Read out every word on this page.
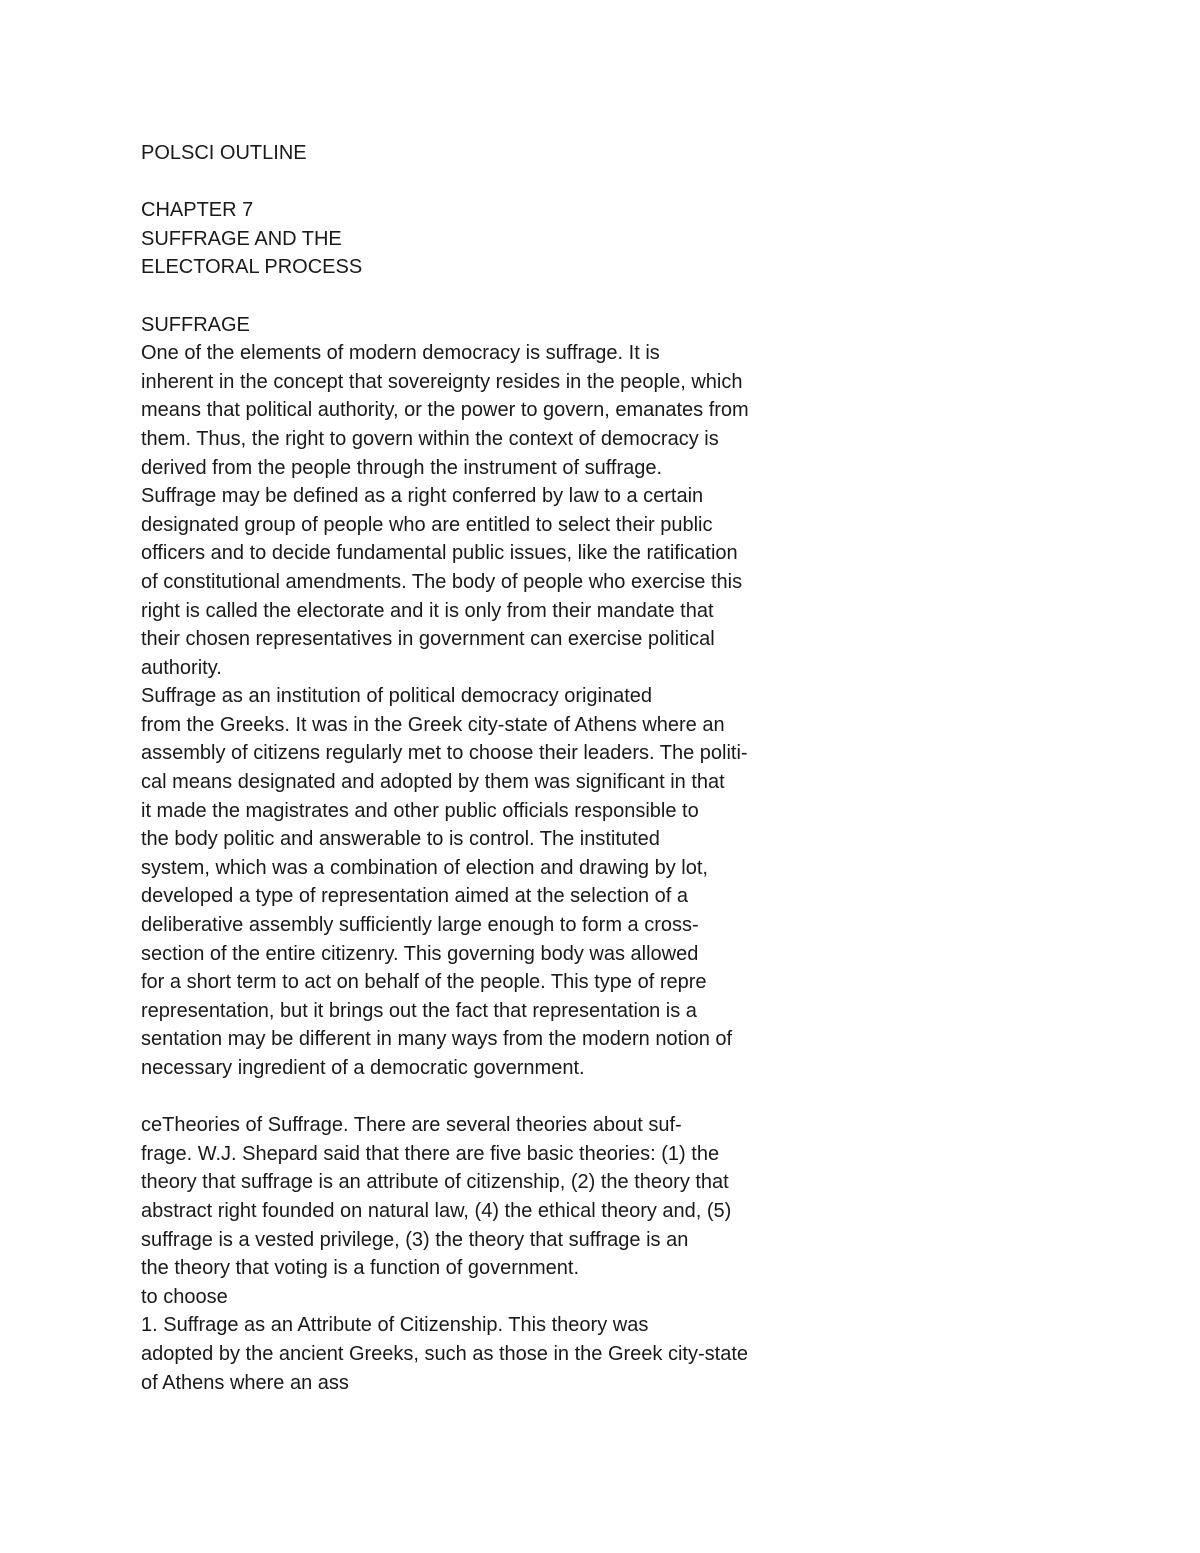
POLSCI OUTLINE
CHAPTER 7
SUFFRAGE AND THE
ELECTORAL PROCESS
SUFFRAGE
One of the elements of modern democracy is suffrage. It is
inherent in the concept that sovereignty resides in the people, which
means that political authority, or the power to govern, emanates from
them. Thus, the right to govern within the context of democracy is
derived from the people through the instrument of suffrage.
Suffrage may be defined as a right conferred by law to a certain
designated group of people who are entitled to select their public
officers and to decide fundamental public issues, like the ratification
of constitutional amendments. The body of people who exercise this
right is called the electorate and it is only from their mandate that
their chosen representatives in government can exercise political
authority.
Suffrage as an institution of political democracy originated
from the Greeks. It was in the Greek city-state of Athens where an
assembly of citizens regularly met to choose their leaders. The politi-
cal means designated and adopted by them was significant in that
it made the magistrates and other public officials responsible to
the body politic and answerable to is control. The instituted
system, which was a combination of election and drawing by lot,
developed a type of representation aimed at the selection of a
deliberative assembly sufficiently large enough to form a cross-
section of the entire citizenry. This governing body was allowed
for a short term to act on behalf of the people. This type of repre
representation, but it brings out the fact that representation is a
sentation may be different in many ways from the modern notion of
necessary ingredient of a democratic government.
ceTheories of Suffrage. There are several theories about suf-
frage. W.J. Shepard said that there are five basic theories: (1) the
theory that suffrage is an attribute of citizenship, (2) the theory that
abstract right founded on natural law, (4) the ethical theory and, (5)
suffrage is a vested privilege, (3) the theory that suffrage is an
the theory that voting is a function of government.
to choose
1. Suffrage as an Attribute of Citizenship. This theory was
adopted by the ancient Greeks, such as those in the Greek city-state
of Athens where an ass
